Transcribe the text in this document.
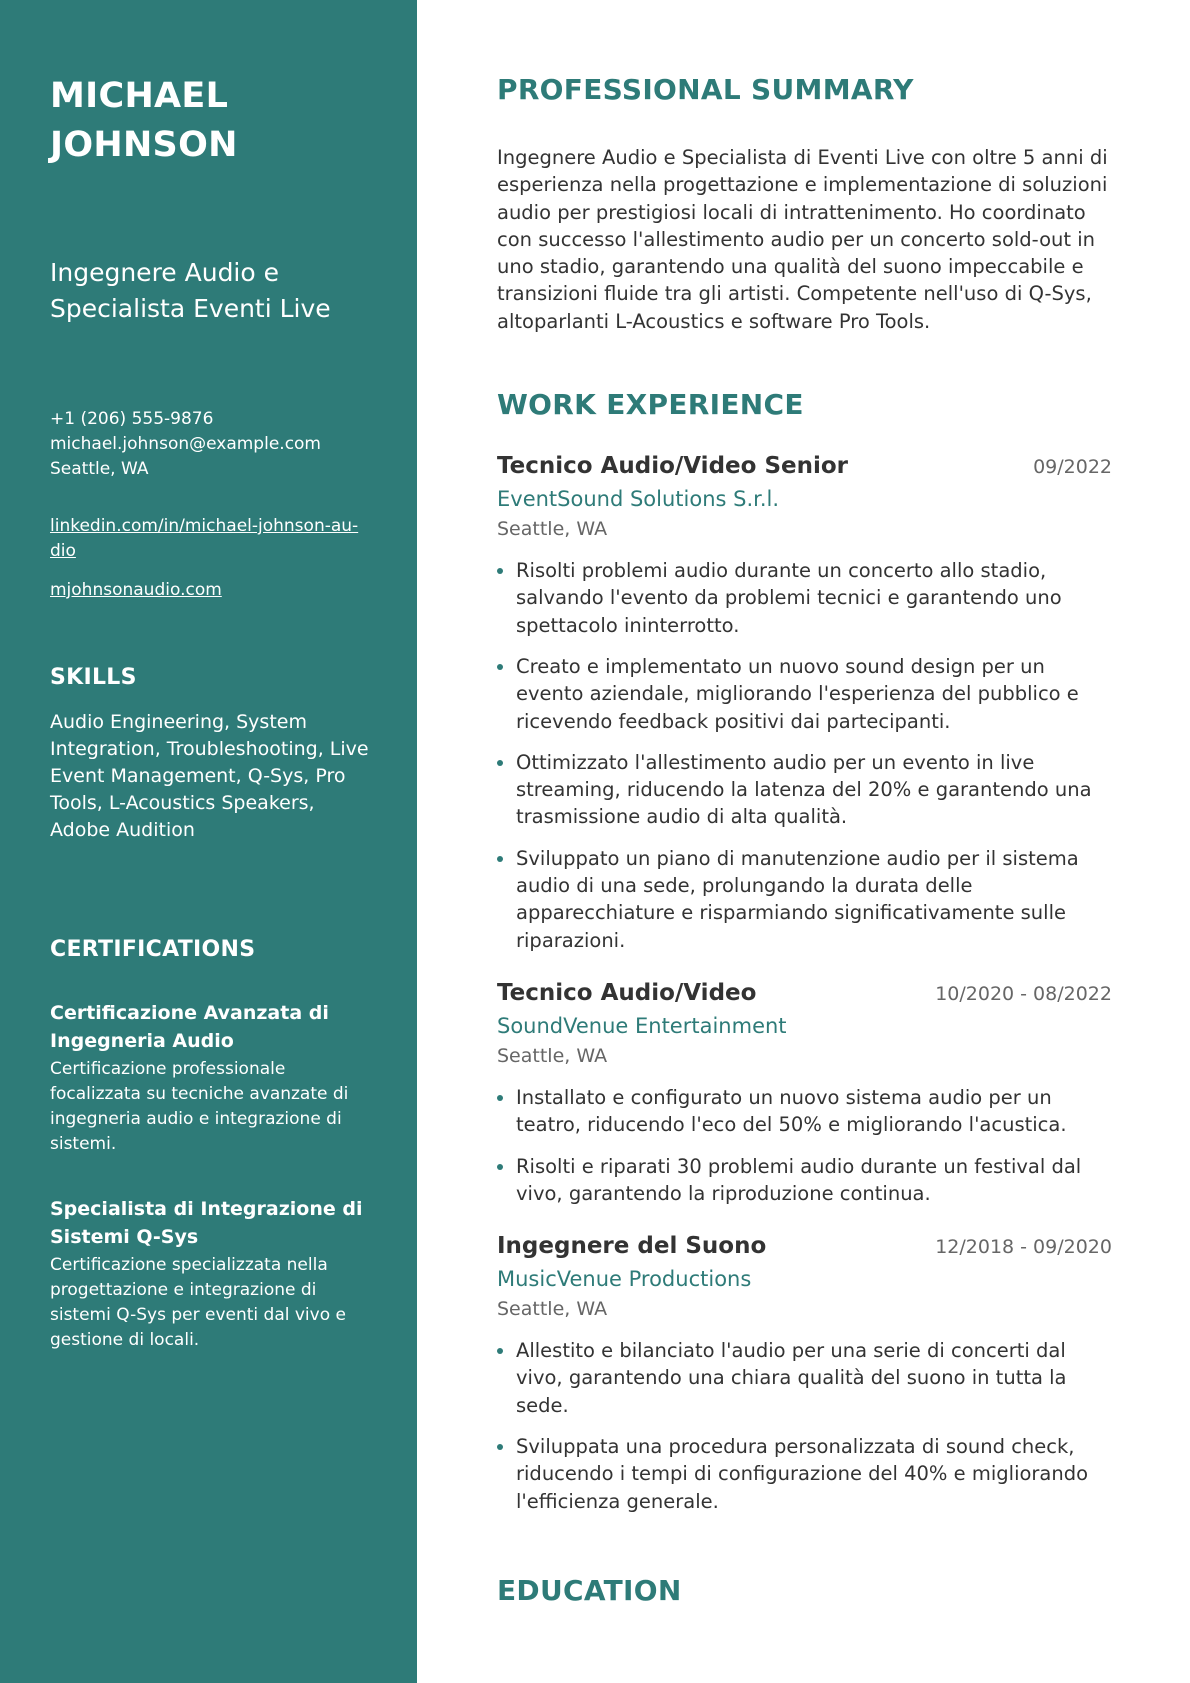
MICHAEL
JOHNSON
Ingegnere Audio e
Specialista Eventi Live
+1 (206) 555-9876
michael.johnson@example.com
Seattle, WA
linkedin.com/in/michael-johnson-au-dio
mjohnsonaudio.com
SKILLS
Audio Engineering, System Integration, Troubleshooting, Live Event Management, Q-Sys, Pro Tools, L-Acoustics Speakers, Adobe Audition
CERTIFICATIONS
Certificazione Avanzata di Ingegneria Audio
Certificazione professionale focalizzata su tecniche avanzate di ingegneria audio e integrazione di sistemi.
Specialista di Integrazione di Sistemi Q-Sys
Certificazione specializzata nella progettazione e integrazione di sistemi Q-Sys per eventi dal vivo e gestione di locali.
PROFESSIONAL SUMMARY

Ingegnere Audio e Specialista di Eventi Live con oltre 5 anni di esperienza nella progettazione e implementazione di soluzioni audio per prestigiosi locali di intrattenimento. Ho coordinato con successo l'allestimento audio per un concerto sold-out in uno stadio, garantendo una qualità del suono impeccabile e transizioni fluide tra gli artisti. Competente nell'uso di Q-Sys, altoparlanti L-Acoustics e software Pro Tools.

WORK EXPERIENCE
Tecnico Audio/Video Senior	09/2022
EventSound Solutions S.r.l.
Seattle, WA
Risolti problemi audio durante un concerto allo stadio, salvando l'evento da problemi tecnici e garantendo uno spettacolo ininterrotto.
Creato e implementato un nuovo sound design per un evento aziendale, migliorando l'esperienza del pubblico e ricevendo feedback positivi dai partecipanti.
Ottimizzato l'allestimento audio per un evento in live streaming, riducendo la latenza del 20% e garantendo una trasmissione audio di alta qualità.
Sviluppato un piano di manutenzione audio per il sistema audio di una sede, prolungando la durata delle apparecchiature e risparmiando significativamente sulle riparazioni.
Tecnico Audio/Video	10/2020 - 08/2022
SoundVenue Entertainment
Seattle, WA
Installato e configurato un nuovo sistema audio per un teatro, riducendo l'eco del 50% e migliorando l'acustica.
Risolti e riparati 30 problemi audio durante un festival dal vivo, garantendo la riproduzione continua.
Ingegnere del Suono	12/2018 - 09/2020
MusicVenue Productions
Seattle, WA
Allestito e bilanciato l'audio per una serie di concerti dal vivo, garantendo una chiara qualità del suono in tutta la sede.
Sviluppata una procedura personalizzata di sound check, riducendo i tempi di configurazione del 40% e migliorando l'efficienza generale.
EDUCATION
